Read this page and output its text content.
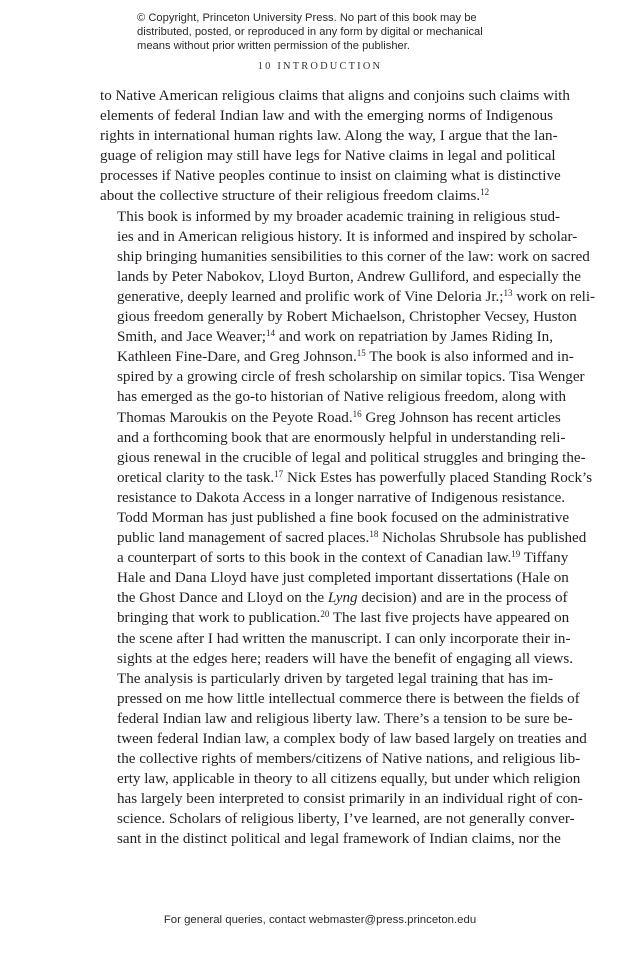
© Copyright, Princeton University Press. No part of this book may be
distributed, posted, or reproduced in any form by digital or mechanical
means without prior written permission of the publisher.
10 INTRODUCTION

to Native American religious claims that aligns and conjoins such claims with
elements of federal Indian law and with the emerging norms of Indigenous
rights in international human rights law. Along the way, I argue that the lan-
guage of religion may still have legs for Native claims in legal and political
processes if Native peoples continue to insist on claiming what is distinctive
about the collective structure of their religious freedom claims.$^{12}$

This book is informed by my broader academic training in religious stud-
ies and in American religious history. It is informed and inspired by scholar-
ship bringing humanities sensibilities to this corner of the law: work on sacred
lands by Peter Nabokov, Lloyd Burton, Andrew Gulliford, and especially the
generative, deeply learned and prolific work of Vine Deloria Jr.;$^{13}$ work on reli-
gious freedom generally by Robert Michaelson, Christopher Vecsey, Huston
Smith, and Jace Weaver;$^{14}$ and work on repatriation by James Riding In,
Kathleen Fine-Dare, and Greg Johnson.$^{15}$ The book is also informed and in-
spired by a growing circle of fresh scholarship on similar topics. Tisa Wenger
has emerged as the go-to historian of Native religious freedom, along with
Thomas Maroukis on the Peyote Road.$^{16}$ Greg Johnson has recent articles
and a forthcoming book that are enormously helpful in understanding reli-
gious renewal in the crucible of legal and political struggles and bringing the-
oretical clarity to the task.$^{17}$ Nick Estes has powerfully placed Standing Rock’s
resistance to Dakota Access in a longer narrative of Indigenous resistance.
Todd Morman has just published a fine book focused on the administrative
public land management of sacred places.$^{18}$ Nicholas Shrubsole has published
a counterpart of sorts to this book in the context of Canadian law.$^{19}$ Tiffany
Hale and Dana Lloyd have just completed important dissertations (Hale on
the Ghost Dance and Lloyd on the Lyng decision) and are in the process of
bringing that work to publication.$^{20}$ The last five projects have appeared on
the scene after I had written the manuscript. I can only incorporate their in-
sights at the edges here; readers will have the benefit of engaging all views.

The analysis is particularly driven by targeted legal training that has im-
pressed on me how little intellectual commerce there is between the fields of
federal Indian law and religious liberty law. There’s a tension to be sure be-
tween federal Indian law, a complex body of law based largely on treaties and
the collective rights of members/citizens of Native nations, and religious lib-
erty law, applicable in theory to all citizens equally, but under which religion
has largely been interpreted to consist primarily in an individual right of con-
science. Scholars of religious liberty, I’ve learned, are not generally conver-
sant in the distinct political and legal framework of Indian claims, nor the

For general queries, contact webmaster@press.princeton.edu
